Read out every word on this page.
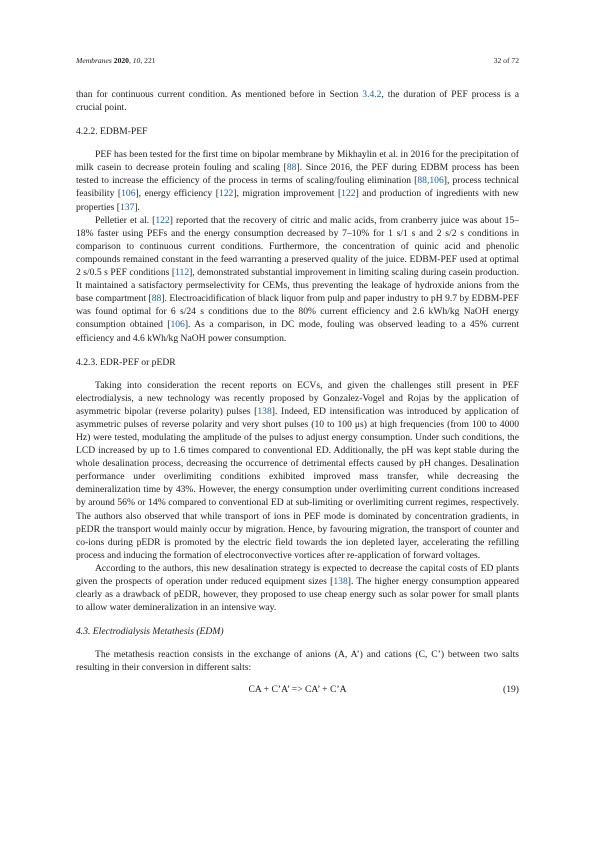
Membranes 2020, 10, 221	32 of 72

than for continuous current condition. As mentioned before in Section 3.4.2, the duration of PEF process is a crucial point.

4.2.2. EDBM-PEF

PEF has been tested for the first time on bipolar membrane by Mikhaylin et al. in 2016 for the precipitation of milk casein to decrease protein fouling and scaling [88]. Since 2016, the PEF during EDBM process has been tested to increase the efficiency of the process in terms of scaling/fouling elimination [88,106], process technical feasibility [106], energy efficiency [122], migration improvement [122] and production of ingredients with new properties [137].

Pelletier et al. [122] reported that the recovery of citric and malic acids, from cranberry juice was about 15–18% faster using PEFs and the energy consumption decreased by 7–10% for 1 s/1 s and 2 s/2 s conditions in comparison to continuous current conditions. Furthermore, the concentration of quinic acid and phenolic compounds remained constant in the feed warranting a preserved quality of the juice. EDBM-PEF used at optimal 2 s/0.5 s PEF conditions [112], demonstrated substantial improvement in limiting scaling during casein production. It maintained a satisfactory permselectivity for CEMs, thus preventing the leakage of hydroxide anions from the base compartment [88]. Electroacidification of black liquor from pulp and paper industry to pH 9.7 by EDBM-PEF was found optimal for 6 s/24 s conditions due to the 80% current efficiency and 2.6 kWh/kg NaOH energy consumption obtained [106]. As a comparison, in DC mode, fouling was observed leading to a 45% current efficiency and 4.6 kWh/kg NaOH power consumption.

4.2.3. EDR-PEF or pEDR

Taking into consideration the recent reports on ECVs, and given the challenges still present in PEF electrodialysis, a new technology was recently proposed by Gonzalez-Vogel and Rojas by the application of asymmetric bipolar (reverse polarity) pulses [138]. Indeed, ED intensification was introduced by application of asymmetric pulses of reverse polarity and very short pulses (10 to 100 μs) at high frequencies (from 100 to 4000 Hz) were tested, modulating the amplitude of the pulses to adjust energy consumption. Under such conditions, the LCD increased by up to 1.6 times compared to conventional ED. Additionally, the pH was kept stable during the whole desalination process, decreasing the occurrence of detrimental effects caused by pH changes. Desalination performance under overlimiting conditions exhibited improved mass transfer, while decreasing the demineralization time by 43%. However, the energy consumption under overlimiting current conditions increased by around 56% or 14% compared to conventional ED at sub-limiting or overlimiting current regimes, respectively. The authors also observed that while transport of ions in PEF mode is dominated by concentration gradients, in pEDR the transport would mainly occur by migration. Hence, by favouring migration, the transport of counter and co-ions during pEDR is promoted by the electric field towards the ion depleted layer, accelerating the refilling process and inducing the formation of electroconvective vortices after re-application of forward voltages.

According to the authors, this new desalination strategy is expected to decrease the capital costs of ED plants given the prospects of operation under reduced equipment sizes [138]. The higher energy consumption appeared clearly as a drawback of pEDR, however, they proposed to use cheap energy such as solar power for small plants to allow water demineralization in an intensive way.

4.3. Electrodialysis Metathesis (EDM)

The metathesis reaction consists in the exchange of anions (A, A’) and cations (C, C’) between two salts resulting in their conversion in different salts:

CA + C’A’ => CA’ + C’A	(19)
